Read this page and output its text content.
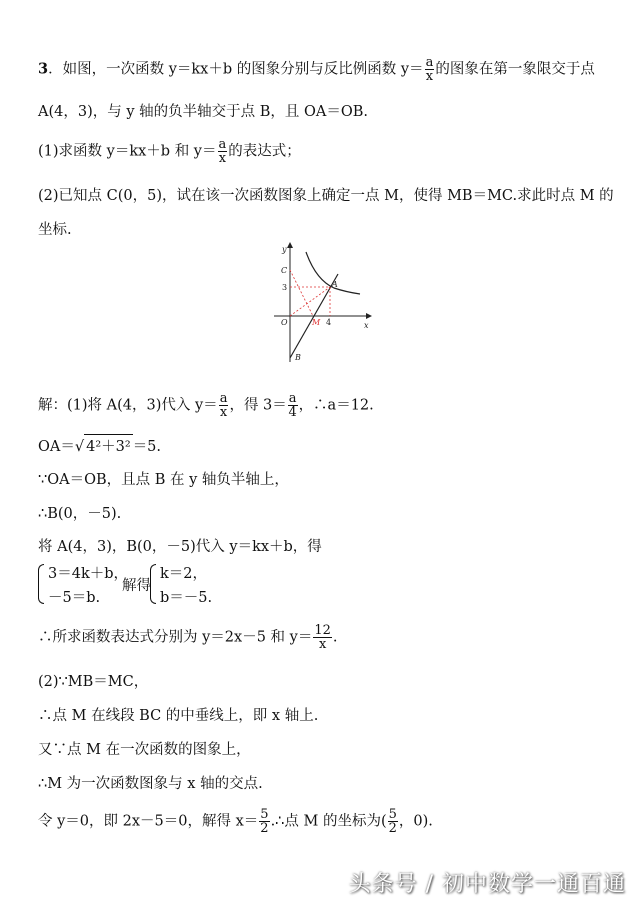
3．如图，一次函数 y＝kx＋b 的图象分别与反比例函数 $y= \frac{a}{x}$ 的图象在第一象限交于点
A(4，3)，与 y 轴的负半轴交于点 B，且 OA＝OB.
(1)求函数 y＝kx＋b 和 $y= \frac{a}{x}$ 的表达式；
(2)已知点 C(0，5)，试在该一次函数图象上确定一点 M，使得 MB＝MC.求此时点 M 的
坐标.
y
x
C
3	A
O	M 4
B
解：(1)将 A(4，3)代入 $y= \frac{a}{x}$ ，得 $3= \frac{a}{4}$ ，∴a＝12.
OA＝√ 4²＋3² ＝5.
∵OA＝OB，且点 B 在 y 轴负半轴上，
∴B(0，－5).
将 A(4，3)，B(0，－5)代入 y＝kx＋b，得
3＝4k＋b，
－5＝b.
解得
k＝2，
b＝－5.
∴所求函数表达式分别为 y＝2x－5 和 $y= \frac{12}{x}$ .
(2)∵MB＝MC，
∴点 M 在线段 BC 的中垂线上，即 x 轴上.
又∵点 M 在一次函数的图象上，
∴M 为一次函数图象与 x 轴的交点.
令 y＝0，即 2x－5＝0，解得 $x= \frac{5}{2}$ .∴点 M 的坐标为( $\frac{5}{2}$ ，0).
头条号 / 初中数学一通百通
